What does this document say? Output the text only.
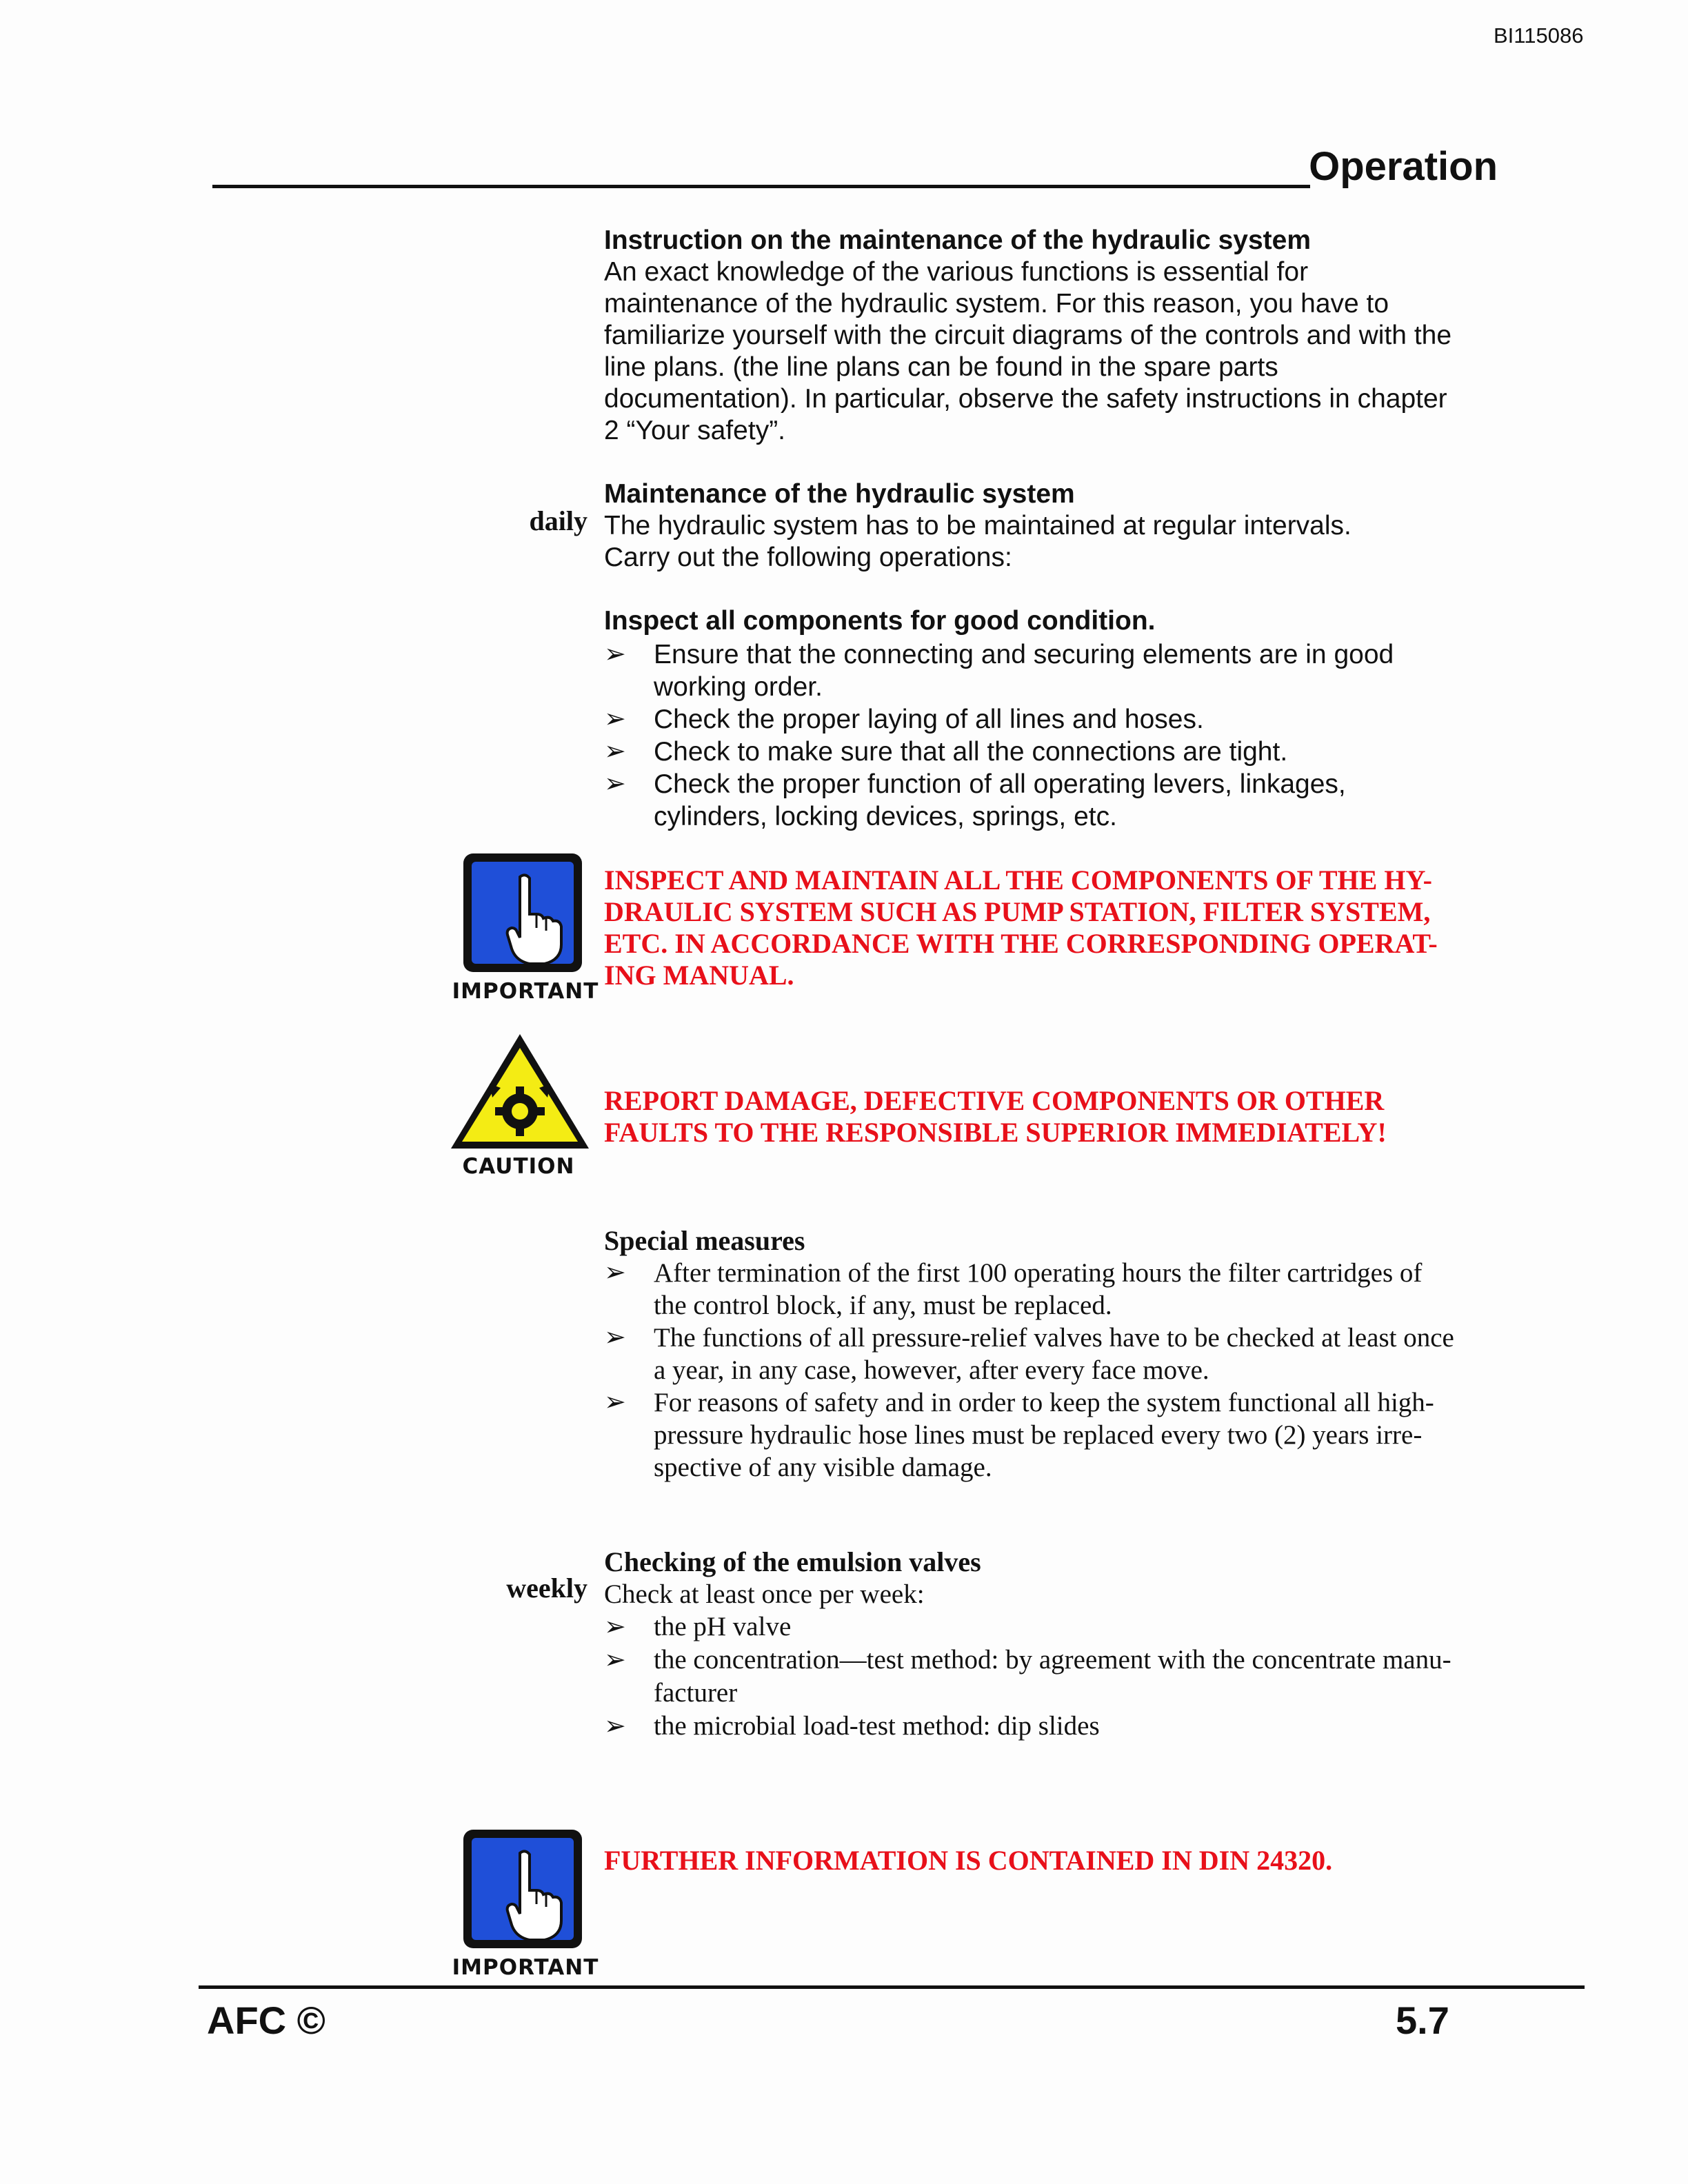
BI115086
Operation
Instruction on the maintenance of the hydraulic system
An exact knowledge of the various functions is essential for
maintenance of the hydraulic system. For this reason, you have to
familiarize yourself with the circuit diagrams of the controls and with the
line plans. (the line plans can be found in the spare parts
documentation). In particular, observe the safety instructions in chapter
2 “Your safety”.
daily
Maintenance of the hydraulic system
The hydraulic system has to be maintained at regular intervals.
Carry out the following operations:
Inspect all components for good condition.
➢ Ensure that the connecting and securing elements are in good
working order.
➢ Check the proper laying of all lines and hoses.
➢ Check to make sure that all the connections are tight.
➢ Check the proper function of all operating levers, linkages,
cylinders, locking devices, springs, etc.
IMPORTANT
INSPECT AND MAINTAIN ALL THE COMPONENTS OF THE HY-
DRAULIC SYSTEM SUCH AS PUMP STATION, FILTER SYSTEM,
ETC. IN ACCORDANCE WITH THE CORRESPONDING OPERAT-
ING MANUAL.
CAUTION
REPORT DAMAGE, DEFECTIVE COMPONENTS OR OTHER
FAULTS TO THE RESPONSIBLE SUPERIOR IMMEDIATELY!
Special measures
➢ After termination of the first 100 operating hours the filter cartridges of
the control block, if any, must be replaced.
➢ The functions of all pressure-relief valves have to be checked at least once
a year, in any case, however, after every face move.
➢ For reasons of safety and in order to keep the system functional all high-
pressure hydraulic hose lines must be replaced every two (2) years irre-
spective of any visible damage.
weekly
Checking of the emulsion valves
Check at least once per week:
➢ the pH valve
➢ the concentration—test method: by agreement with the concentrate manu-
facturer
➢ the microbial load-test method: dip slides
IMPORTANT
FURTHER INFORMATION IS CONTAINED IN DIN 24320.
AFC ©	5.7
